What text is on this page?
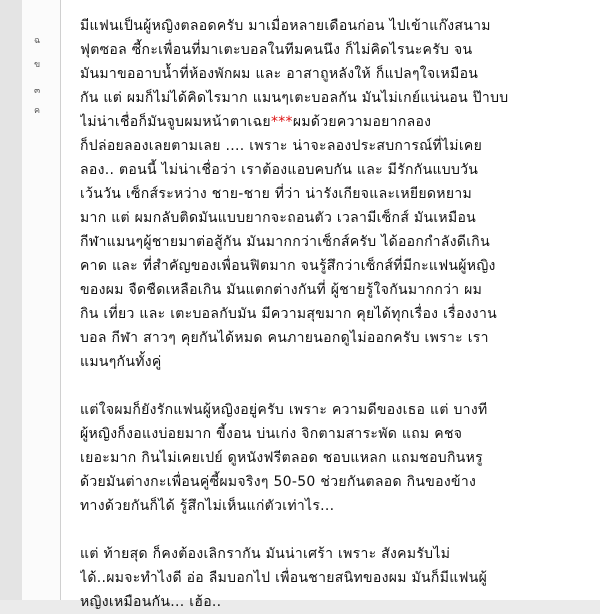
ฉ
ข
๓
ค
มีแฟนเป็นผู้หญิงตลอดครับ มาเมื่อหลายเดือนก่อน ไปเข้าแก๊งสนาม
ฟุตซอล ซี้กะเพื่อนที่มาเตะบอลในทีมคนนึง ก็ไม่คิดไรนะครับ จน
มันมาขออาบน้ำที่ห้องพักผม และ อาสาถูหลังให้ ก็แปลๆใจเหมือน
กัน แต่ ผมก็ไม่ได้คิดไรมาก แมนๆเตะบอลกัน มันไม่เกย์แน่นอน ป๊าบบ
ไม่น่าเชื่อก็มันจูบผมหน้าตาเฉย***ผมด้วยความอยากลอง
ก็ปล่อยลองเลยตามเลย .... เพราะ น่าจะลองประสบการณ์ที่ไม่เคย
ลอง.. ตอนนี้ ไม่น่าเชื่อว่า เราต้องแอบคบกัน และ มีรักกันแบบวัน
เว้นวัน เซ็กส์ระหว่าง ชาย-ชาย ที่ว่า น่ารังเกียจและเหยียดหยาม
มาก แต่ ผมกลับติดมันแบบยากจะถอนตัว เวลามีเซ็กส์ มันเหมือน
กีฬาแมนๆผู้ชายมาต่อสู้กัน มันมากกว่าเซ็กส์ครับ ได้ออกกำลังดีเกิน
คาด และ ที่สำคัญของเพื่อนฟิตมาก จนรู้สึกว่าเซ็กส์ที่มีกะแฟนผู้หญิง
ของผม จืดชืดเหลือเกิน มันแตกต่างกันที่ ผู้ชายรู้ใจกันมากกว่า ผม
กิน เที่ยว และ เตะบอลกับมัน มีความสุขมาก คุยได้ทุกเรื่อง เรื่องงาน
บอล กีฬา สาวๆ คุยกันได้หมด คนภายนอกดูไม่ออกครับ เพราะ เรา
แมนๆกันทั้งคู่
แต่ใจผมก็ยังรักแฟนผู้หญิงอยู่ครับ เพราะ ความดีของเธอ แต่ บางที
ผู้หญิงก็งอแงบ่อยมาก ขี้งอน บ่นเก่ง จิกตามสาระพัด แถม คชจ
เยอะมาก กินไม่เคยเปย์ ดูหนังฟรีตลอด ชอบแหลก แถมชอบกินหรู
ด้วยมันต่างกะเพื่อนคู่ซี้ผมจริงๆ 50-50 ช่วยกันตลอด กินของข้าง
ทางด้วยกันก็ได้ รู้สึกไม่เห็นแก่ตัวเท่าไร...
แต่ ท้ายสุด ก็คงต้องเลิกรากัน มันน่าเศร้า เพราะ สังคมรับไม่
ได้..ผมจะทำไงดี อ่อ ลืมบอกไป เพื่อนชายสนิทของผม มันก็มีแฟนผู้
หญิงเหมือนกัน... เฮ้อ..
